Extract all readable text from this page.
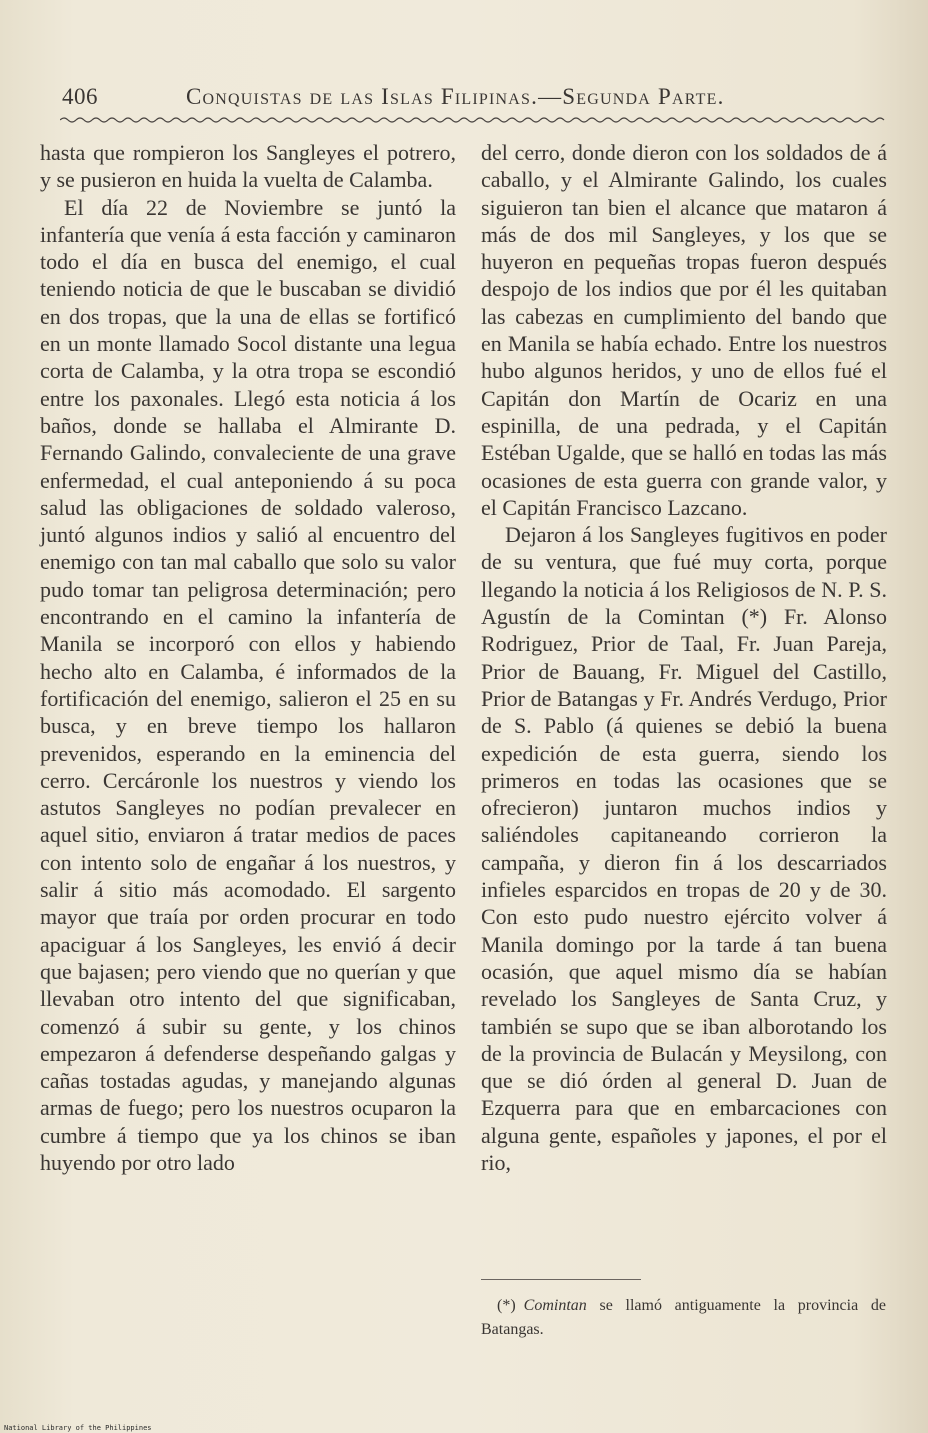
406	Conquistas de las Islas Filipinas.—Segunda Parte.

hasta que rompieron los Sangleyes el potrero, y se pusieron en huida la vuelta de Calamba.

El día 22 de Noviembre se juntó la infantería que venía á esta facción y caminaron todo el día en busca del enemigo, el cual teniendo noticia de que le buscaban se dividió en dos tropas, que la una de ellas se fortificó en un monte llamado Socol distante una legua corta de Calamba, y la otra tropa se escondió entre los paxonales. Llegó esta noticia á los baños, donde se hallaba el Almirante D. Fernando Galindo, convaleciente de una grave enfermedad, el cual anteponiendo á su poca salud las obligaciones de soldado valeroso, juntó algunos indios y salió al encuentro del enemigo con tan mal caballo que solo su valor pudo tomar tan peligrosa determinación; pero encontrando en el camino la infantería de Manila se incorporó con ellos y habiendo hecho alto en Calamba, é informados de la fortificación del enemigo, salieron el 25 en su busca, y en breve tiempo los hallaron prevenidos, esperando en la eminencia del cerro. Cercáronle los nuestros y viendo los astutos Sangleyes no podían prevalecer en aquel sitio, enviaron á tratar medios de paces con intento solo de engañar á los nuestros, y salir á sitio más acomodado. El sargento mayor que traía por orden procurar en todo apaciguar á los Sangleyes, les envió á decir que bajasen; pero viendo que no querían y que llevaban otro intento del que significaban, comenzó á subir su gente, y los chinos empezaron á defenderse despeñando galgas y cañas tostadas agudas, y manejando algunas armas de fuego; pero los nuestros ocuparon la cumbre á tiempo que ya los chinos se iban huyendo por otro lado

del cerro, donde dieron con los soldados de á caballo, y el Almirante Galindo, los cuales siguieron tan bien el alcance que mataron á más de dos mil Sangleyes, y los que se huyeron en pequeñas tropas fueron después despojo de los indios que por él les quitaban las cabezas en cumplimiento del bando que en Manila se había echado. Entre los nuestros hubo algunos heridos, y uno de ellos fué el Capitán don Martín de Ocariz en una espinilla, de una pedrada, y el Capitán Estéban Ugalde, que se halló en todas las más ocasiones de esta guerra con grande valor, y el Capitán Francisco Lazcano.

Dejaron á los Sangleyes fugitivos en poder de su ventura, que fué muy corta, porque llegando la noticia á los Religiosos de N. P. S. Agustín de la Comintan (*) Fr. Alonso Rodriguez, Prior de Taal, Fr. Juan Pareja, Prior de Bauang, Fr. Miguel del Castillo, Prior de Batangas y Fr. Andrés Verdugo, Prior de S. Pablo (á quienes se debió la buena expedición de esta guerra, siendo los primeros en todas las ocasiones que se ofrecieron) juntaron muchos indios y saliéndoles capitaneando corrieron la campaña, y dieron fin á los descarriados infieles esparcidos en tropas de 20 y de 30. Con esto pudo nuestro ejército volver á Manila domingo por la tarde á tan buena ocasión, que aquel mismo día se habían revelado los Sangleyes de Santa Cruz, y también se supo que se iban alborotando los de la provincia de Bulacán y Meysilong, con que se dió órden al general D. Juan de Ezquerra para que en embarcaciones con alguna gente, españoles y japones, el por el rio,

(*) Comintan se llamó antiguamente la provincia de Batangas.
National Library of the Philippines
